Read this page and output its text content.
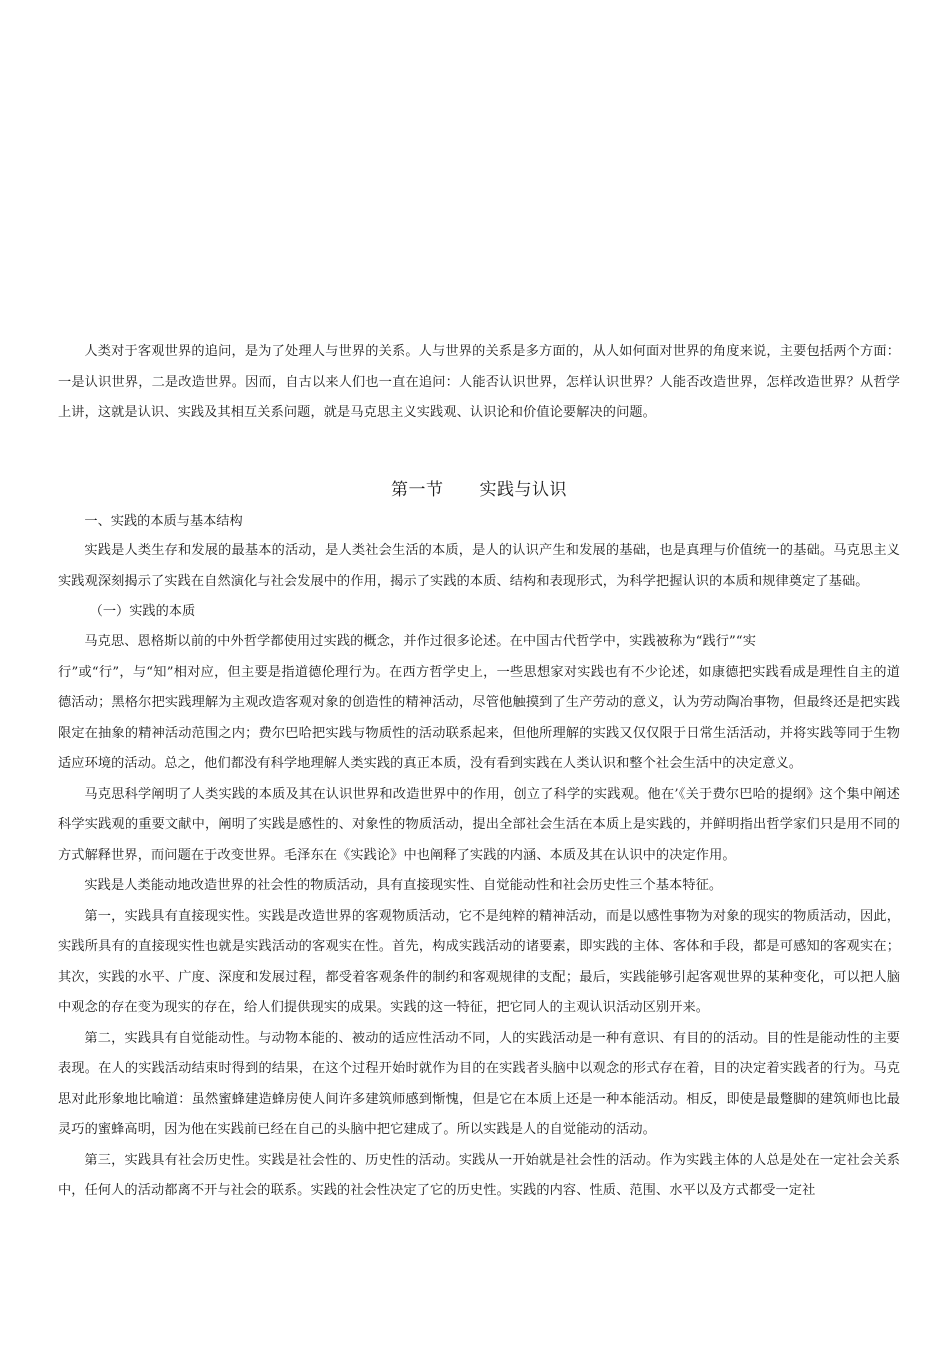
人类对于客观世界的追问，是为了处理人与世界的关系。人与世界的关系是多方面的，从人如何面对世界的角度来说，主要包括两个方面：一是认识世界，二是改造世界。因而，自古以来人们也一直在追问：人能否认识世界，怎样认识世界？人能否改造世界，怎样改造世界？从哲学上讲，这就是认识、实践及其相互关系问题，就是马克思主义实践观、认识论和价值论要解决的问题。

第一节 实践与认识

一、实践的本质与基本结构

实践是人类生存和发展的最基本的活动，是人类社会生活的本质，是人的认识产生和发展的基础，也是真理与价值统一的基础。马克思主义实践观深刻揭示了实践在自然演化与社会发展中的作用，揭示了实践的本质、结构和表现形式，为科学把握认识的本质和规律奠定了基础。

（一）实践的本质

马克思、恩格斯以前的中外哲学都使用过实践的概念，并作过很多论述。在中国古代哲学中，实践被称为“践行”“实

行”或“行”，与“知”相对应，但主要是指道德伦理行为。在西方哲学史上，一些思想家对实践也有不少论述，如康德把实践看成是理性自主的道德活动；黑格尔把实践理解为主观改造客观对象的创造性的精神活动，尽管他触摸到了生产劳动的意义，认为劳动陶冶事物，但最终还是把实践限定在抽象的精神活动范围之内；费尔巴哈把实践与物质性的活动联系起来，但他所理解的实践又仅仅限于日常生活活动，并将实践等同于生物适应环境的活动。总之，他们都没有科学地理解人类实践的真正本质，没有看到实践在人类认识和整个社会生活中的决定意义。

马克思科学阐明了人类实践的本质及其在认识世界和改造世界中的作用，创立了科学的实践观。他在’《关于费尔巴哈的提纲》这个集中阐述科学实践观的重要文献中，阐明了实践是感性的、对象性的物质活动，提出全部社会生活在本质上是实践的，并鲜明指出哲学家们只是用不同的方式解释世界，而问题在于改变世界。毛泽东在《实践论》中也阐释了实践的内涵、本质及其在认识中的决定作用。

实践是人类能动地改造世界的社会性的物质活动，具有直接现实性、自觉能动性和社会历史性三个基本特征。

第一，实践具有直接现实性。实践是改造世界的客观物质活动，它不是纯粹的精神活动，而是以感性事物为对象的现实的物质活动，因此，实践所具有的直接现实性也就是实践活动的客观实在性。首先，构成实践活动的诸要素，即实践的主体、客体和手段，都是可感知的客观实在；其次，实践的水平、广度、深度和发展过程，都受着客观条件的制约和客观规律的支配；最后，实践能够引起客观世界的某种变化，可以把人脑中观念的存在变为现实的存在，给人们提供现实的成果。实践的这一特征，把它同人的主观认识活动区别开来。

第二，实践具有自觉能动性。与动物本能的、被动的适应性活动不同，人的实践活动是一种有意识、有目的的活动。目的性是能动性的主要表现。在人的实践活动结束时得到的结果，在这个过程开始时就作为目的在实践者头脑中以观念的形式存在着，目的决定着实践者的行为。马克思对此形象地比喻道：虽然蜜蜂建造蜂房使人间许多建筑师感到惭愧，但是它在本质上还是一种本能活动。相反，即使是最蹩脚的建筑师也比最灵巧的蜜蜂高明，因为他在实践前已经在自己的头脑中把它建成了。所以实践是人的自觉能动的活动。

第三，实践具有社会历史性。实践是社会性的、历史性的活动。实践从一开始就是社会性的活动。作为实践主体的人总是处在一定社会关系中，任何人的活动都离不开与社会的联系。实践的社会性决定了它的历史性。实践的内容、性质、范围、水平以及方式都受一定社
